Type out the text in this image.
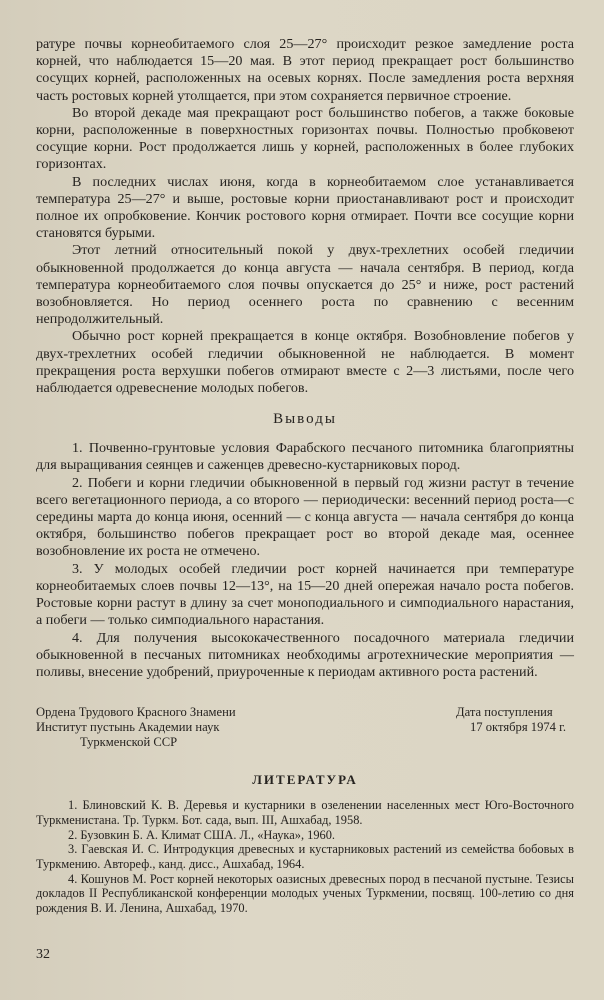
ратуре почвы корнеобитаемого слоя 25—27° происходит резкое замедление роста корней, что наблюдается 15—20 мая. В этот период прекращает рост большинство сосущих корней, расположенных на осевых корнях. После замедления роста верхняя часть ростовых корней утолщается, при этом сохраняется первичное строение.

Во второй декаде мая прекращают рост большинство побегов, а также боковые корни, расположенные в поверхностных горизонтах почвы. Полностью пробковеют сосущие корни. Рост продолжается лишь у корней, расположенных в более глубоких горизонтах.

В последних числах июня, когда в корнеобитаемом слое устанавливается температура 25—27° и выше, ростовые корни приостанавливают рост и происходит полное их опробковение. Кончик ростового корня отмирает. Почти все сосущие корни становятся бурыми.

Этот летний относительный покой у двух-трехлетних особей гледичии обыкновенной продолжается до конца августа — начала сентября. В период, когда температура корнеобитаемого слоя почвы опускается до 25° и ниже, рост растений возобновляется. Но период осеннего роста по сравнению с весенним непродолжительный.

Обычно рост корней прекращается в конце октября. Возобновление побегов у двух-трехлетних особей гледичии обыкновенной не наблюдается. В момент прекращения роста верхушки побегов отмирают вместе с 2—3 листьями, после чего наблюдается одревеснение молодых побегов.

Выводы

1. Почвенно-грунтовые условия Фарабского песчаного питомника благоприятны для выращивания сеянцев и саженцев древесно-кустарниковых пород.

2. Побеги и корни гледичии обыкновенной в первый год жизни растут в течение всего вегетационного периода, а со второго — периодически: весенний период роста—с середины марта до конца июня, осенний — с конца августа — начала сентября до конца октября, большинство побегов прекращает рост во второй декаде мая, осеннее возобновление их роста не отмечено.

3. У молодых особей гледичии рост корней начинается при температуре корнеобитаемых слоев почвы 12—13°, на 15—20 дней опережая начало роста побегов. Ростовые корни растут в длину за счет моноподиального и симподиального нарастания, а побеги — только симподиального нарастания.

4. Для получения высококачественного посадочного материала гледичии обыкновенной в песчаных питомниках необходимы агротехнические мероприятия — поливы, внесение удобрений, приуроченные к периодам активного роста растений.

Ордена Трудового Красного Знамени
Институт пустынь Академии наук
Туркменской ССР
Дата поступления
17 октября 1974 г.
ЛИТЕРАТУРА

1. Блиновский К. В. Деревья и кустарники в озеленении населенных мест Юго-Восточного Туркменистана. Тр. Туркм. Бот. сада, вып. III, Ашхабад, 1958.

2. Бузовкин Б. А. Климат США. Л., «Наука», 1960.

3. Гаевская И. С. Интродукция древесных и кустарниковых растений из семейства бобовых в Туркмению. Автореф., канд. дисс., Ашхабад, 1964.

4. Кошунов М. Рост корней некоторых оазисных древесных пород в песчаной пустыне. Тезисы докладов II Республиканской конференции молодых ученых Туркмении, посвящ. 100-летию со дня рождения В. И. Ленина, Ашхабад, 1970.

32
